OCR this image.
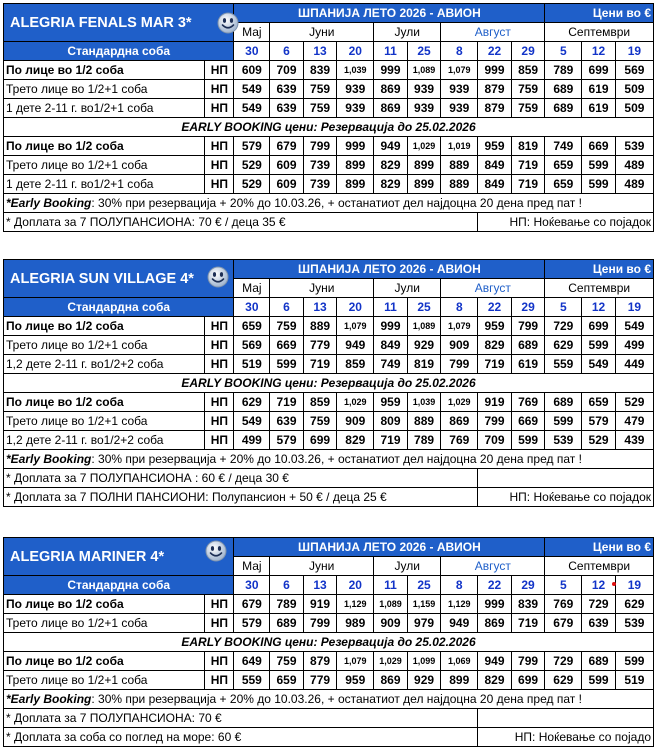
ALEGRIA FENALS MAR 3*		ШПАНИЈА ЛЕТО 2026 - АВИОН									Цени во €		
		Мај	Јуни			Јули		Август			Септември		
Стандардна соба		30	6	13	20	11	25	8	22	29	5	12	19
По лице во 1/2 соба	НП	609	709	839	1,039	999	1,089	1,079	999	859	789	699	569
Трето лице во 1/2+1 соба	НП	549	639	759	939	869	939	939	879	759	689	619	509
1 дете 2-11 г. во1/2+1 соба	НП	549	639	759	939	869	939	939	879	759	689	619	509
EARLY BOOKING цени: Резервација до 25.02.2026													
По лице во 1/2 соба	НП	579	679	799	999	949	1,029	1,019	959	819	749	669	539
Трето лице во 1/2+1 соба	НП	529	609	739	899	829	899	889	849	719	659	599	489
1 дете 2-11 г. во1/2+1 соба	НП	529	609	739	899	829	899	889	849	719	659	599	489
*Early Booking: 30% при резервација + 20% до 10.03.26, + останатиот дел најдоцна 20 дена пред пат !													
* Доплата за 7 ПОЛУПАНСИОНА: 70 € / деца 35 €									НП: Ноќевање со појадок				
ALEGRIA SUN VILLAGE 4*		ШПАНИЈА ЛЕТО 2026 - АВИОН									Цени во €		
		Мај	Јуни			Јули		Август			Септември		
Стандардна соба		30	6	13	20	11	25	8	22	29	5	12	19
По лице во 1/2 соба	НП	659	759	889	1,079	999	1,089	1,079	959	799	729	699	549
Трето лице во 1/2+1 соба	НП	569	669	779	949	849	929	909	829	689	629	599	499
1,2 дете 2-11 г. во1/2+2 соба	НП	519	599	719	859	749	819	799	719	619	559	549	449
EARLY BOOKING цени: Резервација до 25.02.2026													
По лице во 1/2 соба	НП	629	719	859	1,029	959	1,039	1,029	919	769	689	659	529
Трето лице во 1/2+1 соба	НП	549	639	759	909	809	889	869	799	669	599	579	479
1,2 дете 2-11 г. во1/2+2 соба	НП	499	579	699	829	719	789	769	709	599	539	529	439
*Early Booking: 30% при резервација + 20% до 10.03.26, + останатиот дел најдоцна 20 дена пред пат !													
* Доплата за 7 ПОЛУПАНСИОНА : 60 € / деца 30 €													
* Доплата за 7 ПОЛНИ ПАНСИОНИ: Полупансион + 50 € / деца 25 €									НП: Ноќевање со појадок				
ALEGRIA MARINER 4*		ШПАНИЈА ЛЕТО 2026 - АВИОН									Цени во €		
		Мај	Јуни			Јули		Август			Септември		
Стандардна соба		30	6	13	20	11	25	8	22	29	5	12	19
По лице во 1/2 соба	НП	679	789	919	1,129	1,089	1,159	1,129	999	839	769	729	629
Трето лице во 1/2+1 соба	НП	579	689	799	989	909	979	949	869	719	679	639	539
EARLY BOOKING цени: Резервација до 25.02.2026													
По лице во 1/2 соба	НП	649	759	879	1,079	1,029	1,099	1,069	949	799	729	689	599
Трето лице во 1/2+1 соба	НП	559	659	779	959	869	929	899	829	699	629	599	519
*Early Booking: 30% при резервација + 20% до 10.03.26, + останатиот дел најдоцна 20 дена пред пат !													
* Доплата за 7 ПОЛУПАНСИОНА: 70 €													
* Доплата за соба со поглед на море: 60 €									НП: Ноќевање со појадо				
